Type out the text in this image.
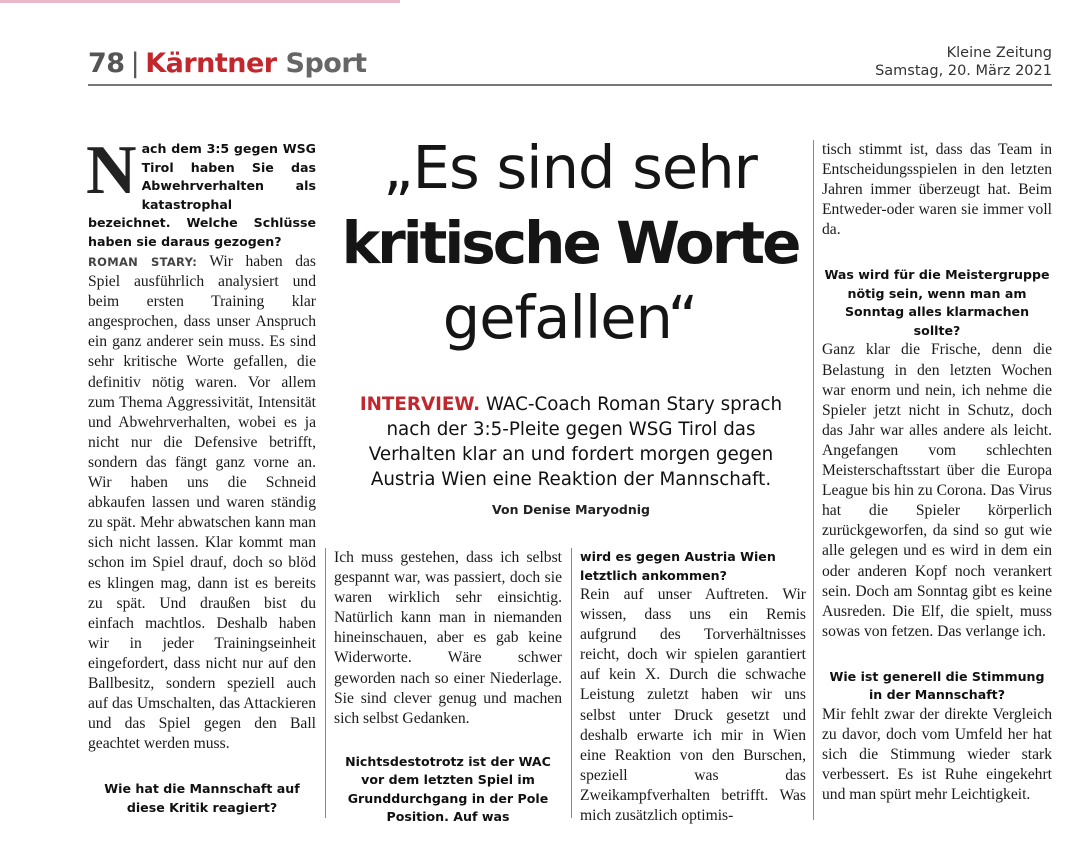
78 | Kärntner Sport	Kleine Zeitung
Samstag, 20. März 2021
Nach dem 3:5 gegen WSG Tirol haben Sie das Abwehrverhalten als katastrophal bezeichnet. Welche Schlüsse haben sie daraus gezogen?

ROMAN STARY: Wir haben das Spiel ausführlich analysiert und beim ersten Training klar angesprochen, dass unser Anspruch ein ganz anderer sein muss. Es sind sehr kritische Worte gefallen, die definitiv nötig waren. Vor allem zum Thema Aggressivität, Intensität und Abwehrverhalten, wobei es ja nicht nur die Defensive betrifft, sondern das fängt ganz vorne an. Wir haben uns die Schneid abkaufen lassen und waren ständig zu spät. Mehr abwatschen kann man sich nicht lassen. Klar kommt man schon im Spiel drauf, doch so blöd es klingen mag, dann ist es bereits zu spät. Und draußen bist du einfach machtlos. Deshalb haben wir in jeder Trainingseinheit eingefordert, dass nicht nur auf den Ballbesitz, sondern speziell auch auf das Umschalten, das Attackieren und das Spiel gegen den Ball geachtet werden muss.

Wie hat die Mannschaft auf diese Kritik reagiert?

Ich muss gestehen, dass ich selbst gespannt war, was passiert, doch sie waren wirklich sehr einsichtig. Natürlich kann man in niemanden hineinschauen, aber es gab keine Widerworte. Wäre schwer geworden nach so einer Niederlage. Sie sind clever genug und machen sich selbst Gedanken.

Nichtsdestotrotz ist der WAC vor dem letzten Spiel im Grunddurchgang in der Pole Position. Auf was

wird es gegen Austria Wien letztlich ankommen?

Rein auf unser Auftreten. Wir wissen, dass uns ein Remis aufgrund des Torverhältnisses reicht, doch wir spielen garantiert auf kein X. Durch die schwache Leistung zuletzt haben wir uns selbst unter Druck gesetzt und deshalb erwarte ich mir in Wien eine Reaktion von den Burschen, speziell was das Zweikampfverhalten betrifft. Was mich zusätzlich optimis-

tisch stimmt ist, dass das Team in Entscheidungsspielen in den letzten Jahren immer überzeugt hat. Beim Entweder-oder waren sie immer voll da.

Was wird für die Meistergruppe nötig sein, wenn man am Sonntag alles klarmachen sollte?

Ganz klar die Frische, denn die Belastung in den letzten Wochen war enorm und nein, ich nehme die Spieler jetzt nicht in Schutz, doch das Jahr war alles andere als leicht. Angefangen vom schlechten Meisterschaftsstart über die Europa League bis hin zu Corona. Das Virus hat die Spieler körperlich zurückgeworfen, da sind so gut wie alle gelegen und es wird in dem ein oder anderen Kopf noch verankert sein. Doch am Sonntag gibt es keine Ausreden. Die Elf, die spielt, muss sowas von fetzen. Das verlange ich.

Wie ist generell die Stimmung in der Mannschaft?

Mir fehlt zwar der direkte Vergleich zu davor, doch vom Umfeld her hat sich die Stimmung wieder stark verbessert. Es ist Ruhe eingekehrt und man spürt mehr Leichtigkeit.

„Es sind sehr
kritische Worte
gefallen“
INTERVIEW. WAC-Coach Roman Stary sprach nach der 3:5-Pleite gegen WSG Tirol das Verhalten klar an und fordert morgen gegen Austria Wien eine Reaktion der Mannschaft.
Von Denise Maryodnig
